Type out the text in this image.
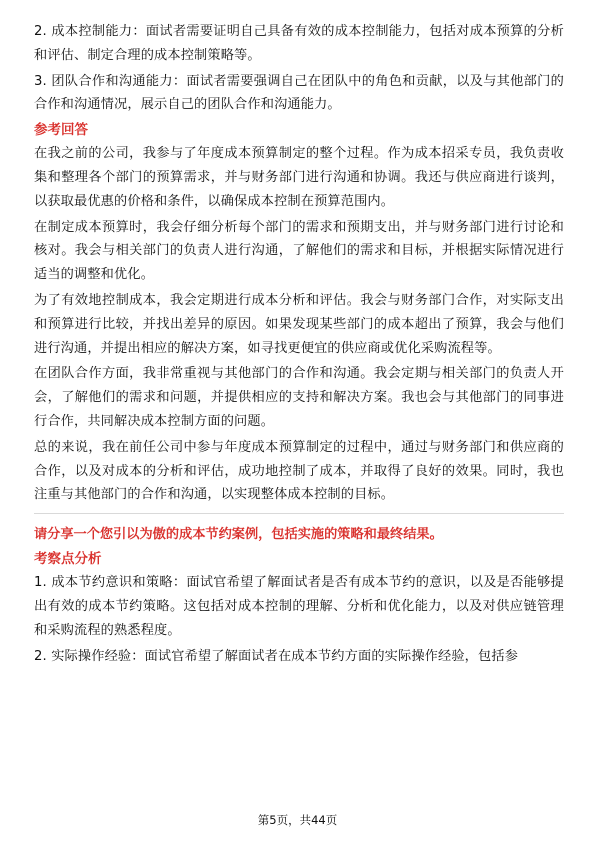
2. 成本控制能力：面试者需要证明自己具备有效的成本控制能力，包括对成本预算的分析和评估、制定合理的成本控制策略等。

3. 团队合作和沟通能力：面试者需要强调自己在团队中的角色和贡献，以及与其他部门的合作和沟通情况，展示自己的团队合作和沟通能力。

参考回答

在我之前的公司，我参与了年度成本预算制定的整个过程。作为成本招采专员，我负责收集和整理各个部门的预算需求，并与财务部门进行沟通和协调。我还与供应商进行谈判，以获取最优惠的价格和条件，以确保成本控制在预算范围内。

在制定成本预算时，我会仔细分析每个部门的需求和预期支出，并与财务部门进行讨论和核对。我会与相关部门的负责人进行沟通，了解他们的需求和目标，并根据实际情况进行适当的调整和优化。

为了有效地控制成本，我会定期进行成本分析和评估。我会与财务部门合作，对实际支出和预算进行比较，并找出差异的原因。如果发现某些部门的成本超出了预算，我会与他们进行沟通，并提出相应的解决方案，如寻找更便宜的供应商或优化采购流程等。

在团队合作方面，我非常重视与其他部门的合作和沟通。我会定期与相关部门的负责人开会，了解他们的需求和问题，并提供相应的支持和解决方案。我也会与其他部门的同事进行合作，共同解决成本控制方面的问题。

总的来说，我在前任公司中参与年度成本预算制定的过程中，通过与财务部门和供应商的合作，以及对成本的分析和评估，成功地控制了成本，并取得了良好的效果。同时，我也注重与其他部门的合作和沟通，以实现整体成本控制的目标。

请分享一个您引以为傲的成本节约案例，包括实施的策略和最终结果。
考察点分析

1. 成本节约意识和策略：面试官希望了解面试者是否有成本节约的意识，以及是否能够提出有效的成本节约策略。这包括对成本控制的理解、分析和优化能力，以及对供应链管理和采购流程的熟悉程度。

2. 实际操作经验：面试官希望了解面试者在成本节约方面的实际操作经验，包括参

第5页，共44页
